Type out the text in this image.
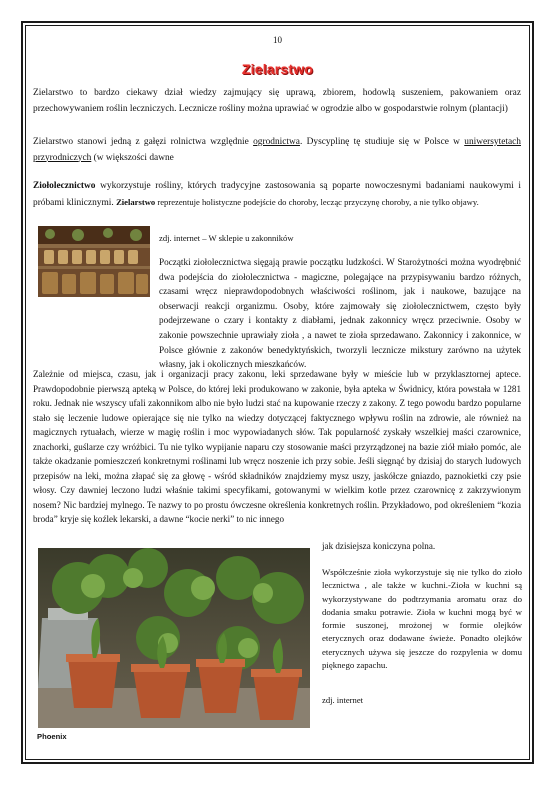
10
Zielarstwo

Zielarstwo to bardzo ciekawy dział wiedzy zajmujący się uprawą, zbiorem, hodowlą suszeniem, pakowaniem oraz przechowywaniem roślin leczniczych. Lecznicze rośliny można uprawiać w ogrodzie albo w gospodarstwie rolnym (plantacji)

Zielarstwo stanowi jedną z gałęzi rolnictwa względnie ogrodnictwa. Dyscyplinę tę studiuje się w Polsce w uniwersytetach przyrodniczych (w większości dawne

Ziołolecznictwo wykorzystuje rośliny, których tradycyjne zastosowania są poparte nowoczesnymi badaniami naukowymi i próbami klinicznymi. Zielarstwo reprezentuje holistyczne podejście do choroby, lecząc przyczynę choroby, a nie tylko objawy.

zdj. internet – W sklepie u zakonników

Początki ziołolecznictwa sięgają prawie początku ludzkości. W Starożytności można wyodrębnić dwa podejścia do ziołolecznictwa - magiczne, polegające na przypisywaniu bardzo różnych, czasami wręcz nieprawdopodobnych właściwości roślinom, jak i naukowe, bazujące na obserwacji reakcji organizmu. Osoby, które zajmowały się ziołolecznictwem, często były podejrzewane o czary i kontakty z diabłami, jednak zakonnicy wręcz przeciwnie. Osoby w zakonie powszechnie uprawiały zioła , a nawet te zioła sprzedawano. Zakonnicy i zakonnice, w Polsce głównie z zakonów benedyktyńskich, tworzyli lecznicze mikstury zarówno na użytek własny, jak i okolicznych mieszkańców.

Zależnie od miejsca, czasu, jak i organizacji pracy zakonu, leki sprzedawane były w mieście lub w przyklasztornej aptece. Prawdopodobnie pierwszą apteką w Polsce, do której leki produkowano w zakonie, była apteka w Świdnicy, która powstała w 1281 roku. Jednak nie wszyscy ufali zakonnikom albo nie było ludzi stać na kupowanie rzeczy z zakony. Z tego powodu bardzo popularne stało się leczenie ludowe opierające się nie tylko na wiedzy dotyczącej faktycznego wpływu roślin na zdrowie, ale również na magicznych rytuałach, wierze w magię roślin i moc wypowiadanych słów. Tak popularność zyskały wszelkiej maści czarownice, znachorki, guślarze czy wróżbici. Tu nie tylko wypijanie naparu czy stosowanie maści przyrządzonej na bazie ziół miało pomóc, ale także okadzanie pomieszczeń konkretnymi roślinami lub wręcz noszenie ich przy sobie. Jeśli sięgnąć by dzisiaj do starych ludowych przepisów na leki, można złapać się za głowę - wśród składników znajdziemy mysz uszy, jaskółcze gniazdo, paznokietki czy psie włosy. Czy dawniej leczono ludzi właśnie takimi specyfikami, gotowanymi w wielkim kotle przez czarownicę z zakrzywionym nosem? Nic bardziej mylnego. Te nazwy to po prostu ówczesne określenia konkretnych roślin. Przykładowo, pod określeniem “kozia broda” kryje się koźlek lekarski, a dawne “kocie nerki” to nic innego

jak dzisiejsza koniczyna polna.
Phoenix

Współcześnie zioła wykorzystuje się nie tylko do zioło lecznictwa , ale także w kuchni.-Zioła w kuchni są wykorzystywane do podtrzymania aromatu oraz do dodania smaku potrawie. Zioła w kuchni mogą być w formie suszonej, mrożonej w formie olejków eterycznych oraz dodawane świeże. Ponadto olejków eterycznych używa się jeszcze do rozpylenia w domu pięknego zapachu.

zdj. internet
